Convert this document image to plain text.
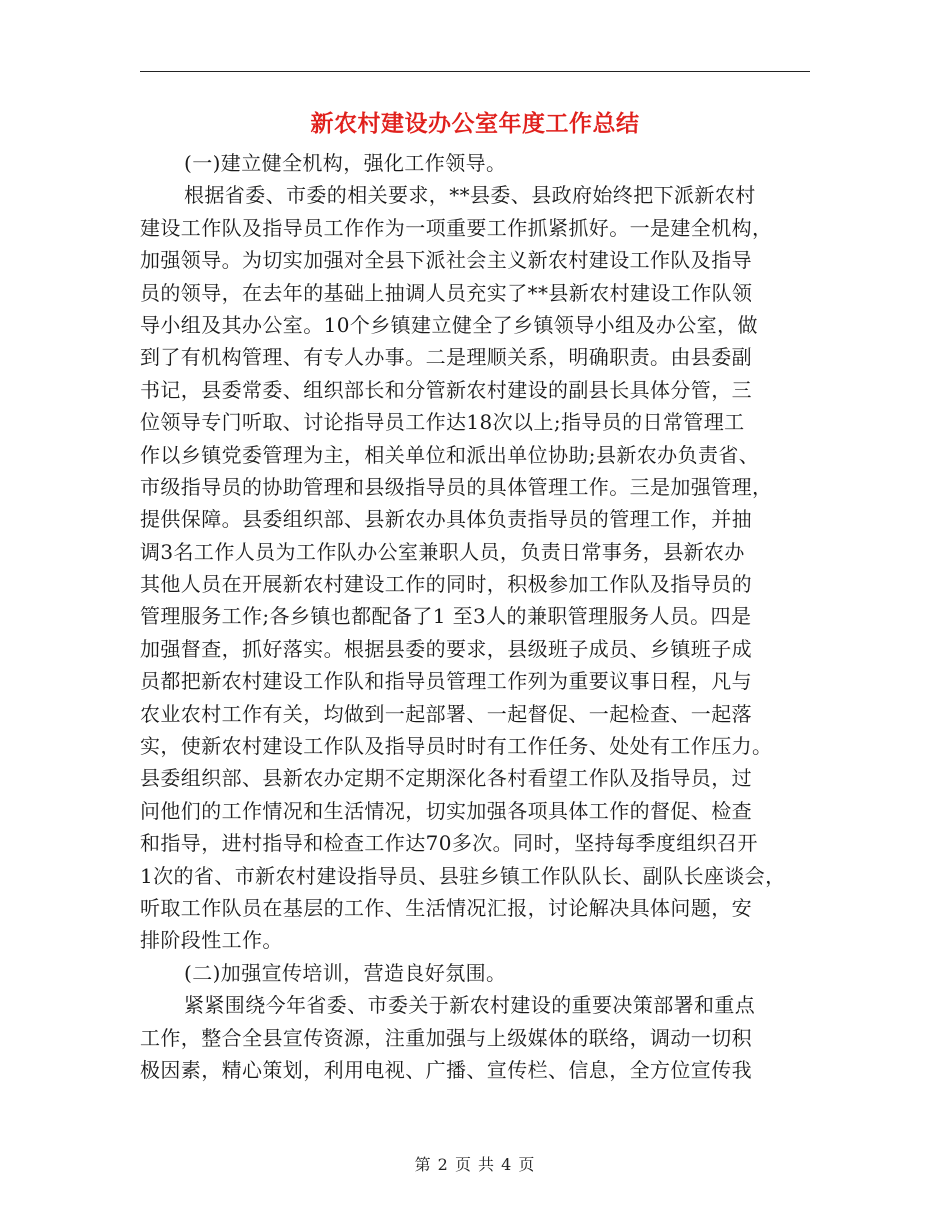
新农村建设办公室年度工作总结
(一)建立健全机构，强化工作领导。
根据省委、市委的相关要求，**县委、县政府始终把下派新农村
建设工作队及指导员工作作为一项重要工作抓紧抓好。一是建全机构，
加强领导。为切实加强对全县下派社会主义新农村建设工作队及指导
员的领导，在去年的基础上抽调人员充实了**县新农村建设工作队领
导小组及其办公室。10个乡镇建立健全了乡镇领导小组及办公室，做
到了有机构管理、有专人办事。二是理顺关系，明确职责。由县委副
书记，县委常委、组织部长和分管新农村建设的副县长具体分管，三
位领导专门听取、讨论指导员工作达18次以上;指导员的日常管理工
作以乡镇党委管理为主，相关单位和派出单位协助;县新农办负责省、
市级指导员的协助管理和县级指导员的具体管理工作。三是加强管理，
提供保障。县委组织部、县新农办具体负责指导员的管理工作，并抽
调3名工作人员为工作队办公室兼职人员，负责日常事务，县新农办
其他人员在开展新农村建设工作的同时，积极参加工作队及指导员的
管理服务工作;各乡镇也都配备了1 至3人的兼职管理服务人员。四是
加强督查，抓好落实。根据县委的要求，县级班子成员、乡镇班子成
员都把新农村建设工作队和指导员管理工作列为重要议事日程，凡与
农业农村工作有关，均做到一起部署、一起督促、一起检查、一起落
实，使新农村建设工作队及指导员时时有工作任务、处处有工作压力。
县委组织部、县新农办定期不定期深化各村看望工作队及指导员，过
问他们的工作情况和生活情况，切实加强各项具体工作的督促、检查
和指导，进村指导和检查工作达70多次。同时，坚持每季度组织召开
1次的省、市新农村建设指导员、县驻乡镇工作队队长、副队长座谈会，
听取工作队员在基层的工作、生活情况汇报，讨论解决具体问题，安
排阶段性工作。
(二)加强宣传培训，营造良好氛围。
紧紧围绕今年省委、市委关于新农村建设的重要决策部署和重点
工作，整合全县宣传资源，注重加强与上级媒体的联络，调动一切积
极因素，精心策划，利用电视、广播、宣传栏、信息，全方位宣传我
第 2 页 共 4 页
